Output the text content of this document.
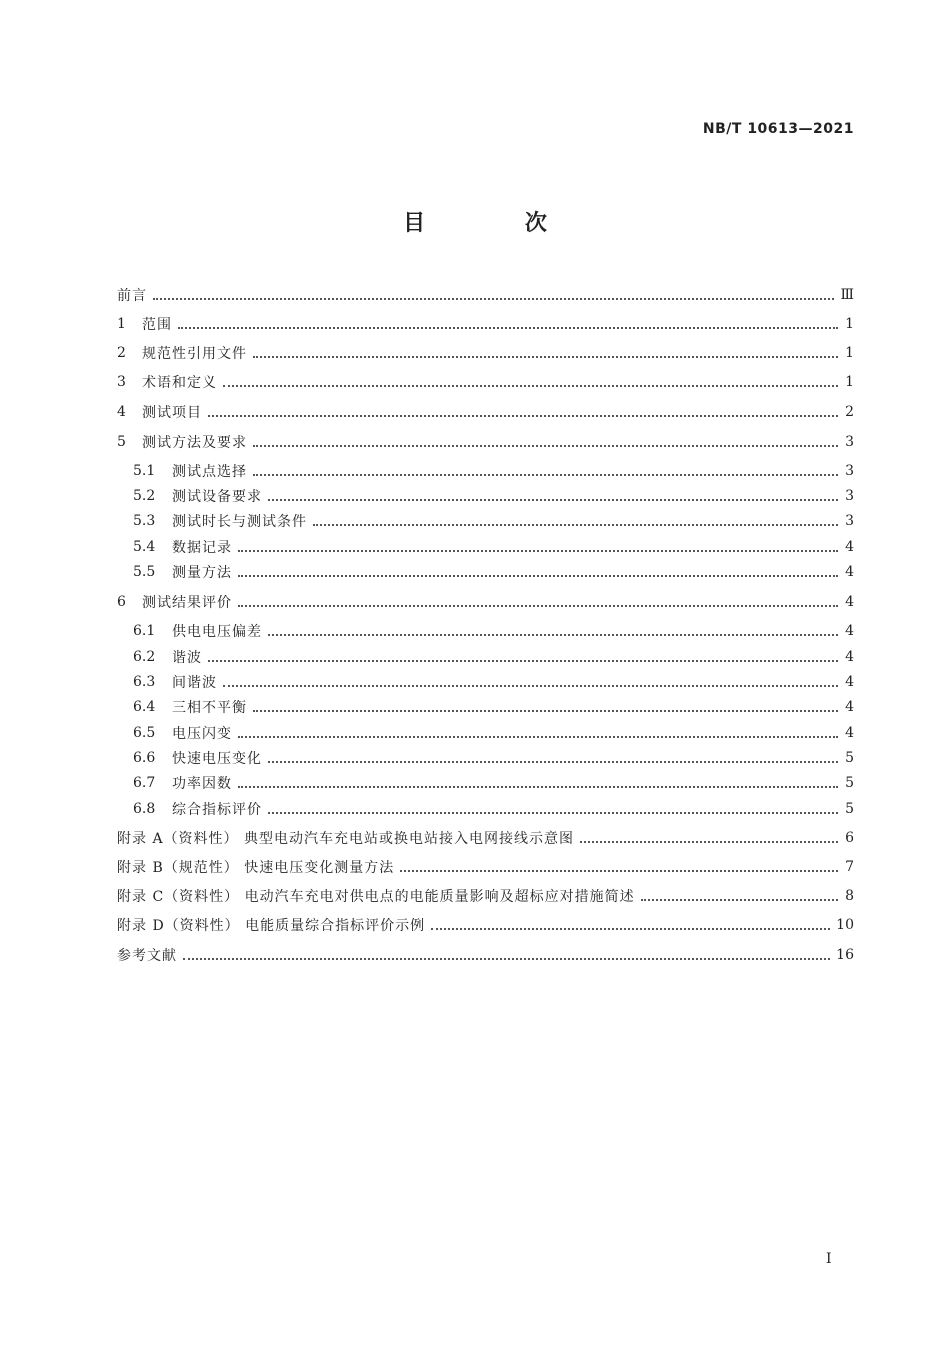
NB/T 10613—2021
目 次
前言	Ⅲ
1	范围	1
2	规范性引用文件	1
3	术语和定义	1
4	测试项目	2
5	测试方法及要求	3
5.1	测试点选择	3
5.2	测试设备要求	3
5.3	测试时长与测试条件	3
5.4	数据记录	4
5.5	测量方法	4
6	测试结果评价	4
6.1	供电电压偏差	4
6.2	谐波	4
6.3	间谐波	4
6.4	三相不平衡	4
6.5	电压闪变	4
6.6	快速电压变化	5
6.7	功率因数	5
6.8	综合指标评价	5
附录 A（资料性） 典型电动汽车充电站或换电站接入电网接线示意图	6
附录 B（规范性） 快速电压变化测量方法	7
附录 C（资料性） 电动汽车充电对供电点的电能质量影响及超标应对措施简述	8
附录 D（资料性） 电能质量综合指标评价示例	10
参考文献	16
I
